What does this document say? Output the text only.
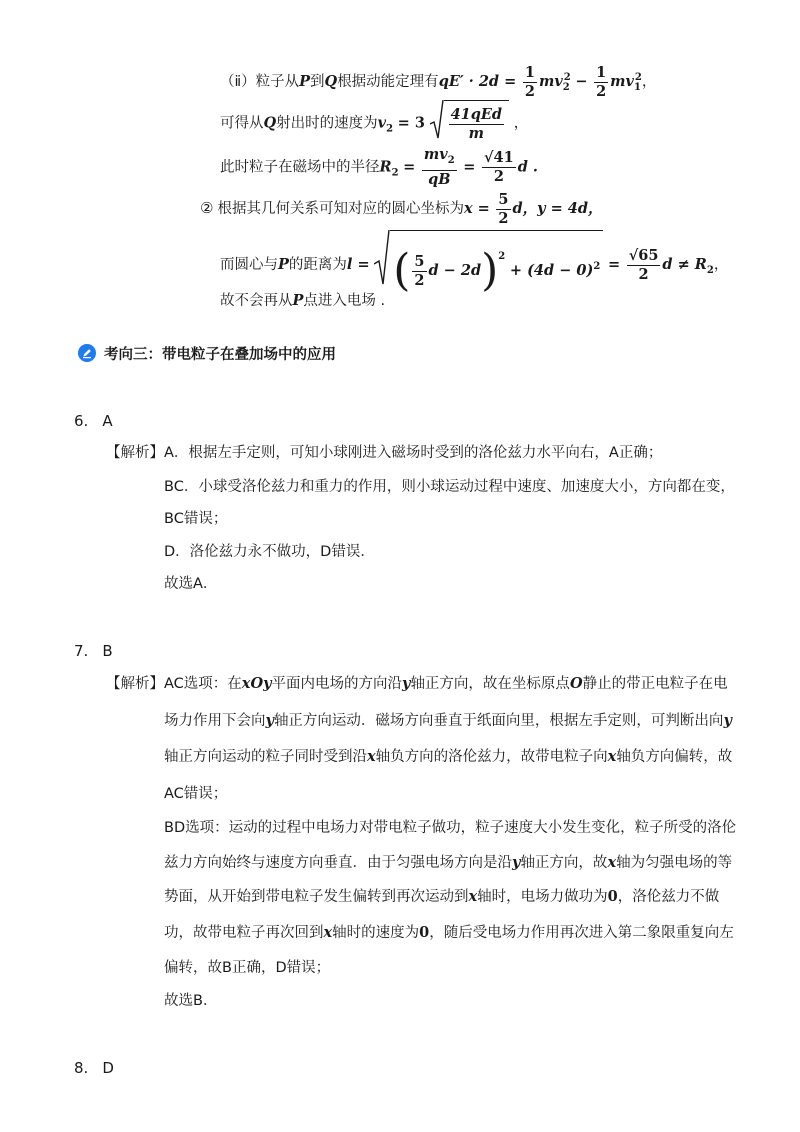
（ⅱ）粒子从P到Q根据动能定理有$qE' \cdot 2d = \frac{1}{2} mv_2^2 - \frac{1}{2} mv_1^2$，
可得从Q射出时的速度为$v_2 = 3 \frac{\text{41qEd}}{m}$ ，
此时粒子在磁场中的半径$R_2 = \frac{mv_2}{qB} = \frac{√41}{2}$ d .
② 根据其几何关系可知对应的圆心坐标为$x = \frac{5}{2}$ d，y = 4d，
而圆心与P的距离为l = ( $\frac{5}{2}$ $d - 2d)^2 + (4d - 0)^2 = \frac{√65}{2}$ $d \ne R_2$，
故不会再从P点进入电场 .
考向三：带电粒子在叠加场中的应用
6. A
【解析】 A．根据左手定则，可知小球刚进入磁场时受到的洛伦兹力水平向右，A正确；
BC．小球受洛伦兹力和重力的作用，则小球运动过程中速度、加速度大小，方向都在变，
BC错误；
D．洛伦兹力永不做功，D错误．
故选A．
7. B
【解析】 AC选项：在xOy平面内电场的方向沿y轴正方向，故在坐标原点O静止的带正电粒子在电
场力作用下会向y轴正方向运动．磁场方向垂直于纸面向里，根据左手定则，可判断出向y
轴正方向运动的粒子同时受到沿x轴负方向的洛伦兹力，故带电粒子向x轴负方向偏转，故
AC错误；
BD选项：运动的过程中电场力对带电粒子做功，粒子速度大小发生变化，粒子所受的洛伦
兹力方向始终与速度方向垂直．由于匀强电场方向是沿y轴正方向，故x轴为匀强电场的等
势面，从开始到带电粒子发生偏转到再次运动到x轴时，电场力做功为0，洛伦兹力不做
功，故带电粒子再次回到x轴时的速度为0，随后受电场力作用再次进入第二象限重复向左
偏转，故B正确，D错误；
故选B．
8. D
